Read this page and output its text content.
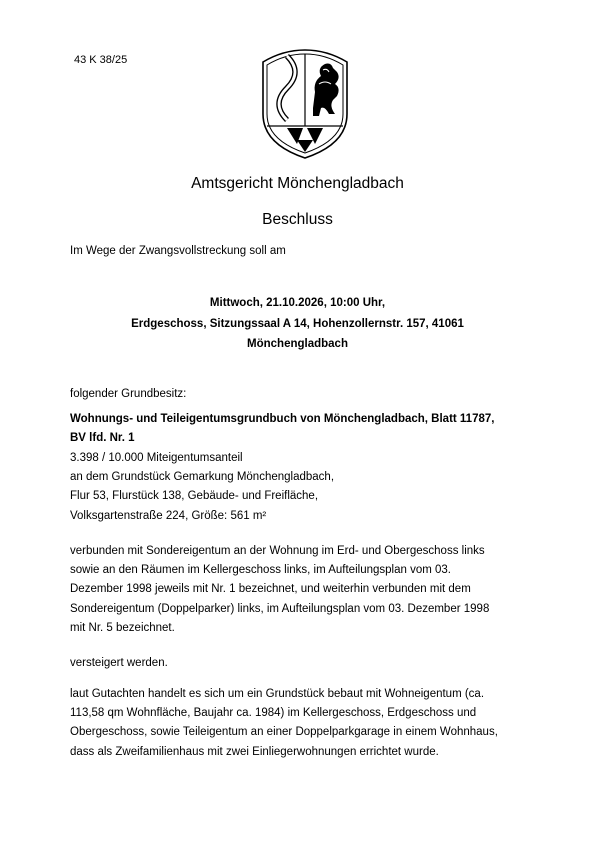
43 K 38/25
Amtsgericht Mönchengladbach
Beschluss
Im Wege der Zwangsvollstreckung soll am
Mittwoch, 21.10.2026, 10:00 Uhr,
Erdgeschoss, Sitzungssaal A 14, Hohenzollernstr. 157, 41061
Mönchengladbach
folgender Grundbesitz:
Wohnungs- und Teileigentumsgrundbuch von Mönchengladbach, Blatt 11787,
BV lfd. Nr. 1
3.398 / 10.000 Miteigentumsanteil
an dem Grundstück Gemarkung Mönchengladbach,
Flur 53, Flurstück 138, Gebäude- und Freifläche,
Volksgartenstraße 224, Größe: 561 m²
verbunden mit Sondereigentum an der Wohnung im Erd- und Obergeschoss links
sowie an den Räumen im Kellergeschoss links, im Aufteilungsplan vom 03.
Dezember 1998 jeweils mit Nr. 1 bezeichnet, und weiterhin verbunden mit dem
Sondereigentum (Doppelparker) links, im Aufteilungsplan vom 03. Dezember 1998
mit Nr. 5 bezeichnet.
versteigert werden.
laut Gutachten handelt es sich um ein Grundstück bebaut mit Wohneigentum (ca.
113,58 qm Wohnfläche, Baujahr ca. 1984) im Kellergeschoss, Erdgeschoss und
Obergeschoss, sowie Teileigentum an einer Doppelparkgarage in einem Wohnhaus,
dass als Zweifamilienhaus mit zwei Einliegerwohnungen errichtet wurde.
